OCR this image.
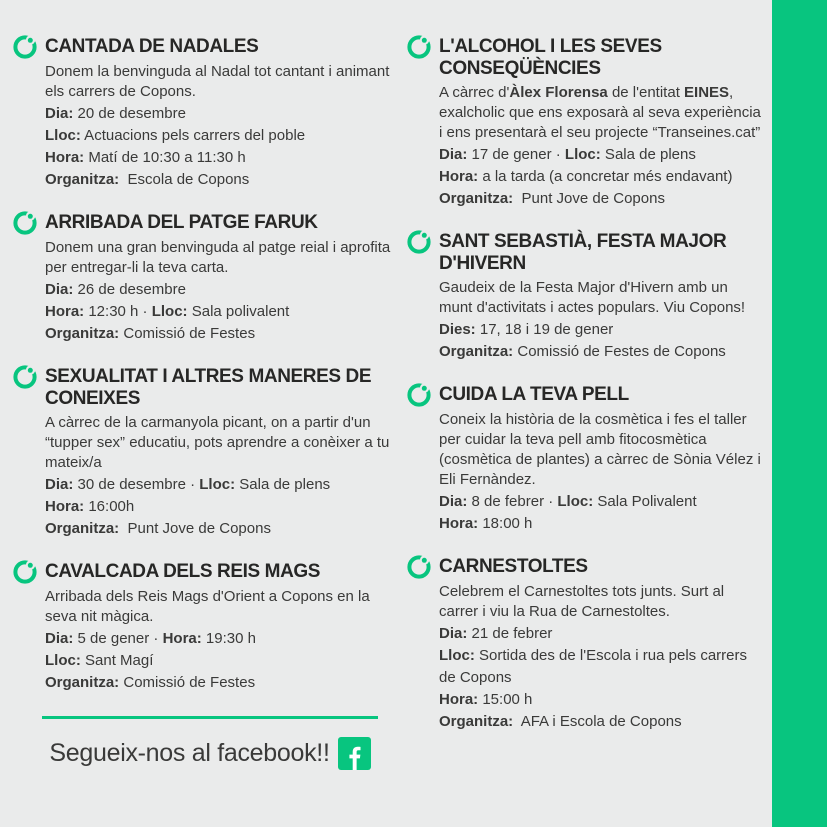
CANTADA DE NADALES

Donem la benvinguda al Nadal tot cantant i animant els carrers de Copons.

Dia: 20 de desembre
Lloc: Actuacions pels carrers del poble
Hora: Matí de 10:30 a 11:30 h
Organitza:  Escola de Copons
ARRIBADA DEL PATGE FARUK

Donem una gran benvinguda al patge reial i aprofita per entregar-li la teva carta.

Dia: 26 de desembre
Hora: 12:30 h · Lloc: Sala polivalent
Organitza: Comissió de Festes
SEXUALITAT I ALTRES MANERES DE CONEIXES

A càrrec de la carmanyola picant, on a partir d'un “tupper sex” educatiu, pots aprendre a conèixer a tu mateix/a

Dia: 30 de desembre · Lloc: Sala de plens
Hora: 16:00h
Organitza:  Punt Jove de Copons
CAVALCADA DELS REIS MAGS

Arribada dels Reis Mags d'Orient a Copons en la seva nit màgica.

Dia: 5 de gener · Hora: 19:30 h
Lloc: Sant Magí
Organitza: Comissió de Festes
Segueix-nos al facebook!!
L'ALCOHOL I LES SEVES CONSEQÜÈNCIES

A càrrec d'Àlex Florensa de l'entitat EINES, exalcholic que ens exposarà al seva experiència i ens presentarà el seu projecte “Transeines.cat”

Dia: 17 de gener · Lloc: Sala de plens
Hora: a la tarda (a concretar més endavant)
Organitza:  Punt Jove de Copons
SANT SEBASTIÀ, FESTA MAJOR D'HIVERN

Gaudeix de la Festa Major d'Hivern amb un munt d'activitats i actes populars. Viu Copons!

Dies: 17, 18 i 19 de gener
Organitza: Comissió de Festes de Copons
CUIDA LA TEVA PELL

Coneix la història de la cosmètica i fes el taller per cuidar la teva pell amb fitocosmètica (cosmètica de plantes) a càrrec de Sònia Vélez i Eli Fernàndez.

Dia: 8 de febrer · Lloc: Sala Polivalent
Hora: 18:00 h
CARNESTOLTES

Celebrem el Carnestoltes tots junts. Surt al carrer i viu la Rua de Carnestoltes.

Dia: 21 de febrer
Lloc: Sortida des de l'Escola i rua pels carrers de Copons
Hora: 15:00 h
Organitza:  AFA i Escola de Copons
